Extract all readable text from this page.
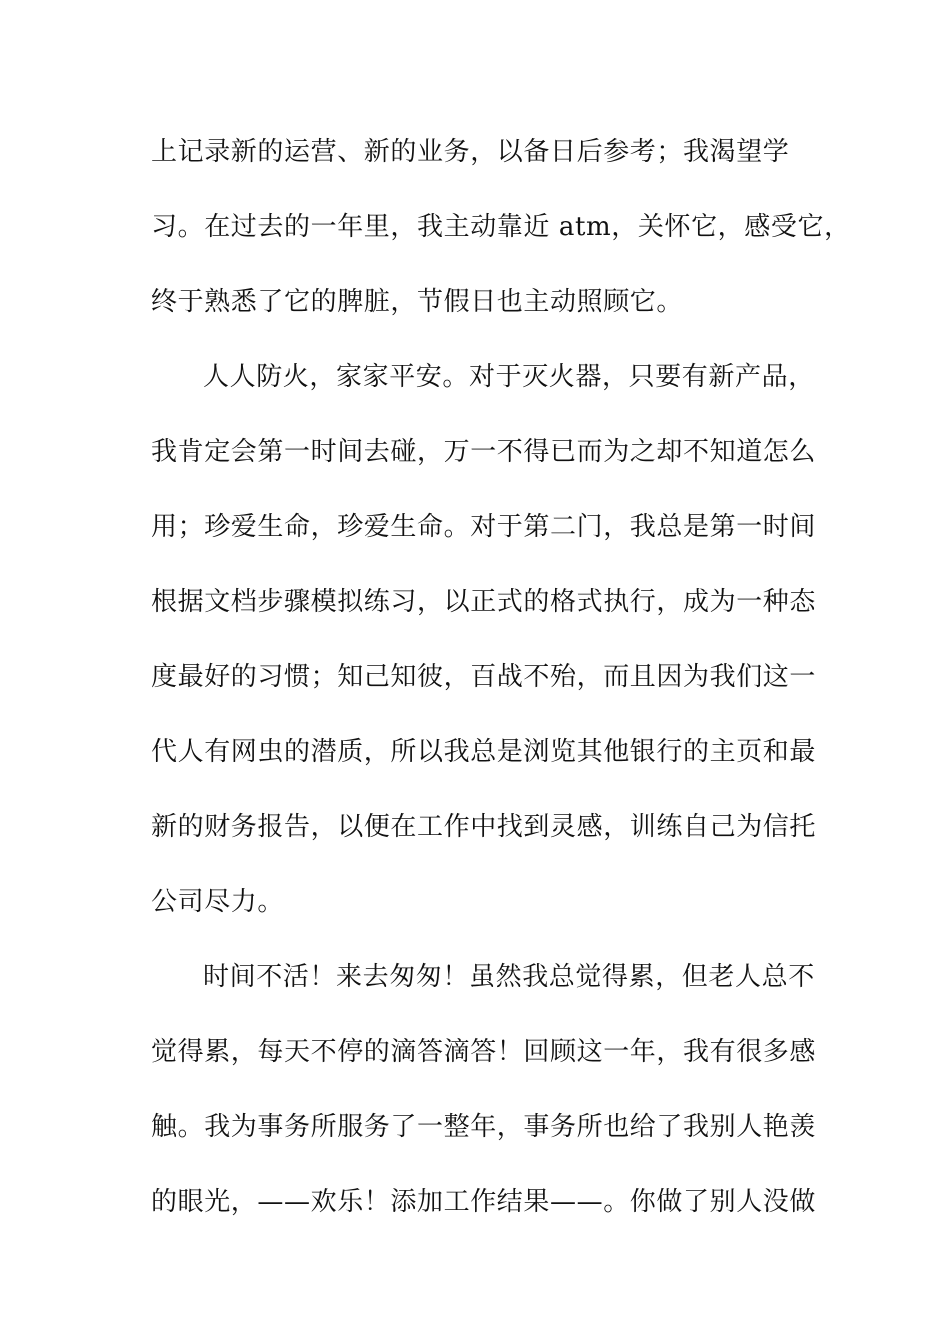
上记录新的运营、新的业务，以备日后参考；我渴望学
习。在过去的一年里，我主动靠近 atm，关怀它，感受它，
终于熟悉了它的脾脏，节假日也主动照顾它。
人人防火，家家平安。对于灭火器，只要有新产品，
我肯定会第一时间去碰，万一不得已而为之却不知道怎么
用；珍爱生命，珍爱生命。对于第二门，我总是第一时间
根据文档步骤模拟练习，以正式的格式执行，成为一种态
度最好的习惯；知己知彼，百战不殆，而且因为我们这一
代人有网虫的潜质，所以我总是浏览其他银行的主页和最
新的财务报告，以便在工作中找到灵感，训练自己为信托
公司尽力。
时间不活！来去匆匆！虽然我总觉得累，但老人总不
觉得累，每天不停的滴答滴答！回顾这一年，我有很多感
触。我为事务所服务了一整年，事务所也给了我别人艳羡
的眼光，——欢乐！添加工作结果——。你做了别人没做
